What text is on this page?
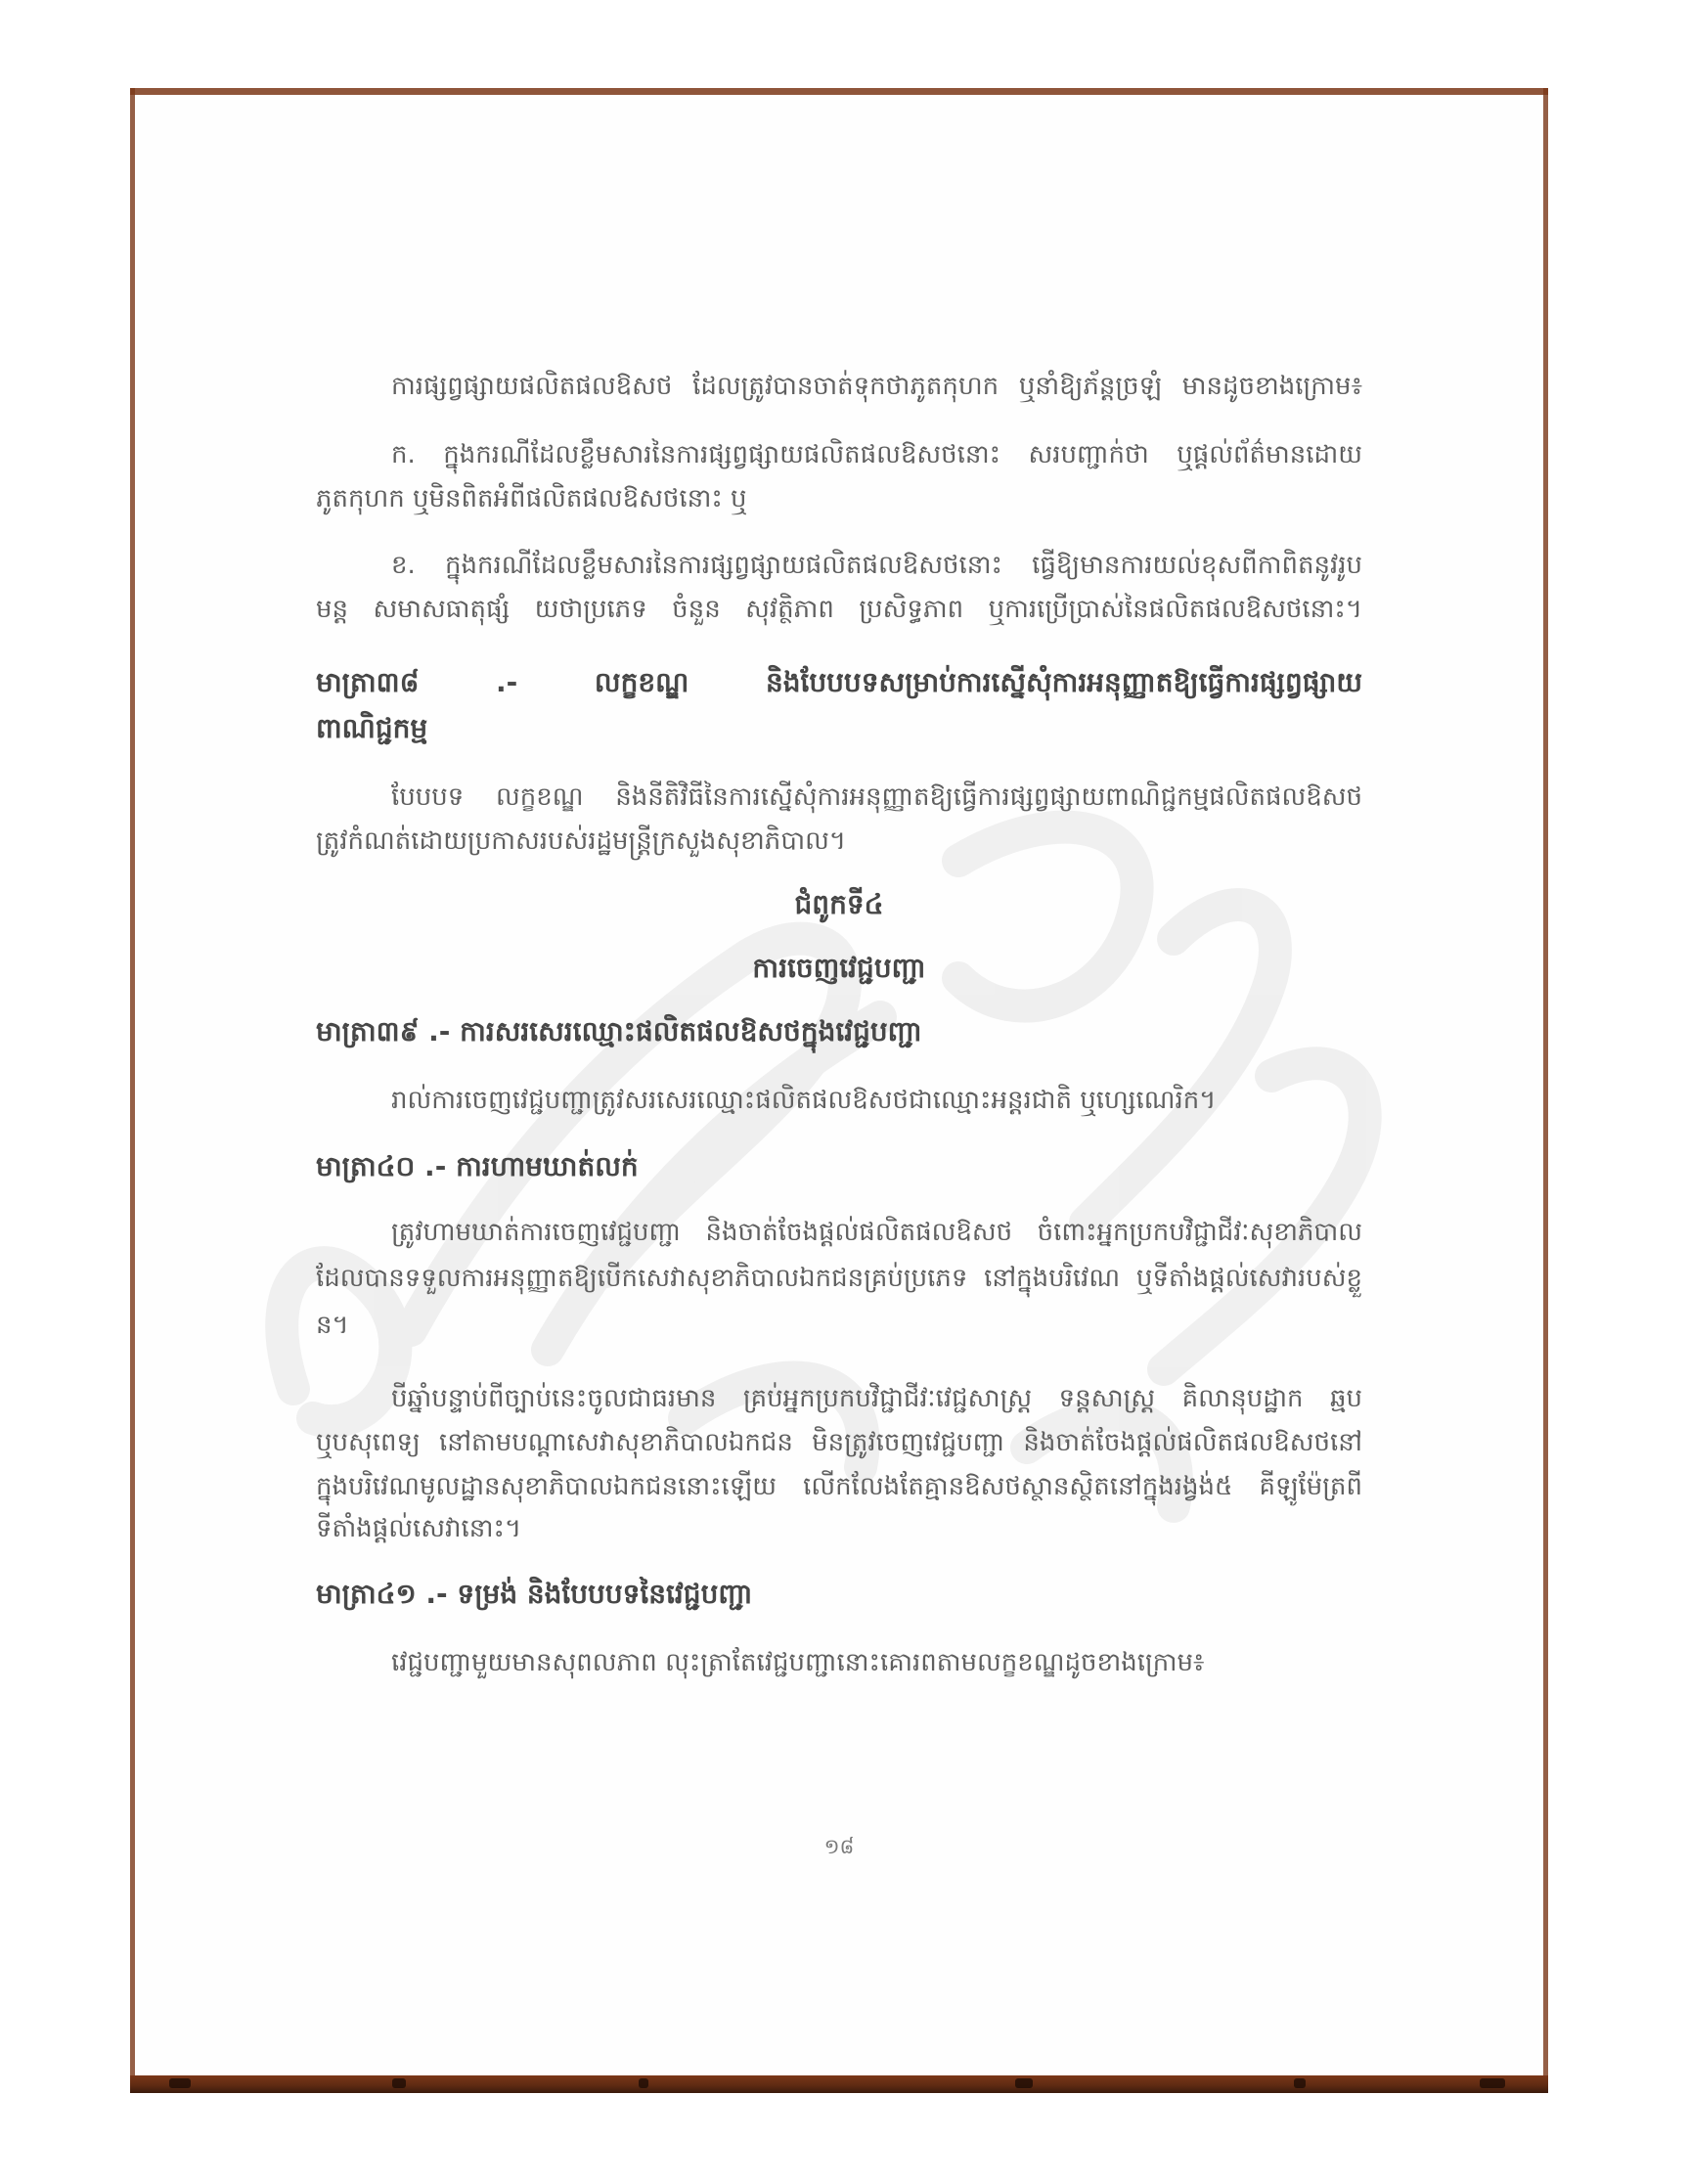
ការផ្សព្វផ្សាយផលិតផលឱសថ ដែលត្រូវបានចាត់ទុកថាភូតកុហក ឬនាំឱ្យភ័ន្តច្រឡំ មានដូចខាងក្រោម៖
ក. ក្នុងករណីដែលខ្លឹមសារនៃការផ្សព្វផ្សាយផលិតផលឱសថនោះ សរបញ្ជាក់ថា ឬផ្ដល់ព័ត៌មានដោយ
ភូតកុហក ឬមិនពិតអំពីផលិតផលឱសថនោះ ឬ
ខ. ក្នុងករណីដែលខ្លឹមសារនៃការផ្សព្វផ្សាយផលិតផលឱសថនោះ ធ្វើឱ្យមានការយល់ខុសពីកាពិតនូវរូប
មន្ត សមាសធាតុផ្សំ យថាប្រភេទ ចំនួន សុវត្ថិភាព ប្រសិទ្ធភាព ឬការប្រើប្រាស់នៃផលិតផលឱសថនោះ។
មាត្រា៣៨ .- លក្ខខណ្ឌ និងបែបបទសម្រាប់ការស្នើសុំការអនុញ្ញាតឱ្យធ្វើការផ្សព្វផ្សាយ
ពាណិជ្ជកម្ម
បែបបទ លក្ខខណ្ឌ និងនីតិវិធីនៃការស្នើសុំការអនុញ្ញាតឱ្យធ្វើការផ្សព្វផ្សាយពាណិជ្ជកម្មផលិតផលឱសថ
ត្រូវកំណត់ដោយប្រកាសរបស់រដ្ឋមន្ត្រីក្រសួងសុខាភិបាល។
ជំពូកទី៤
ការចេញវេជ្ជបញ្ជា
មាត្រា៣៩ .- ការសរសេរឈ្មោះផលិតផលឱសថក្នុងវេជ្ជបញ្ជា
រាល់ការចេញវេជ្ជបញ្ជាត្រូវសរសេរឈ្មោះផលិតផលឱសថជាឈ្មោះអន្តរជាតិ ឬហ្សេណេរិក។
មាត្រា៤០ .- ការហាមឃាត់លក់
ត្រូវហាមឃាត់ការចេញវេជ្ជបញ្ជា និងចាត់ចែងផ្ដល់ផលិតផលឱសថ ចំពោះអ្នកប្រកបវិជ្ជាជីវៈសុខាភិបាល
ដែលបានទទួលការអនុញ្ញាតឱ្យបើកសេវាសុខាភិបាលឯកជនគ្រប់ប្រភេទ នៅក្នុងបរិវេណ ឬទីតាំងផ្ដល់សេវារបស់ខ្លួ
ន។
បីឆ្នាំបន្ទាប់ពីច្បាប់នេះចូលជាធរមាន គ្រប់អ្នកប្រកបវិជ្ជាជីវៈវេជ្ជសាស្ត្រ ទន្តសាស្ត្រ គិលានុបដ្ឋាក ឆ្មប
ឬបសុពេទ្យ នៅតាមបណ្ដាសេវាសុខាភិបាលឯកជន មិនត្រូវចេញវេជ្ជបញ្ជា និងចាត់ចែងផ្ដល់ផលិតផលឱសថនៅ
ក្នុងបរិវេណមូលដ្ឋានសុខាភិបាលឯកជននោះឡើយ លើកលែងតែគ្មានឱសថស្ថានស្ថិតនៅក្នុងរង្វង់៥ គីឡូម៉ែត្រពី
ទីតាំងផ្ដល់សេវានោះ។
មាត្រា៤១ .- ទម្រង់ និងបែបបទនៃវេជ្ជបញ្ជា
វេជ្ជបញ្ជាមួយមានសុពលភាព លុះត្រាតែវេជ្ជបញ្ជានោះគោរពតាមលក្ខខណ្ឌដូចខាងក្រោម៖
១៨
